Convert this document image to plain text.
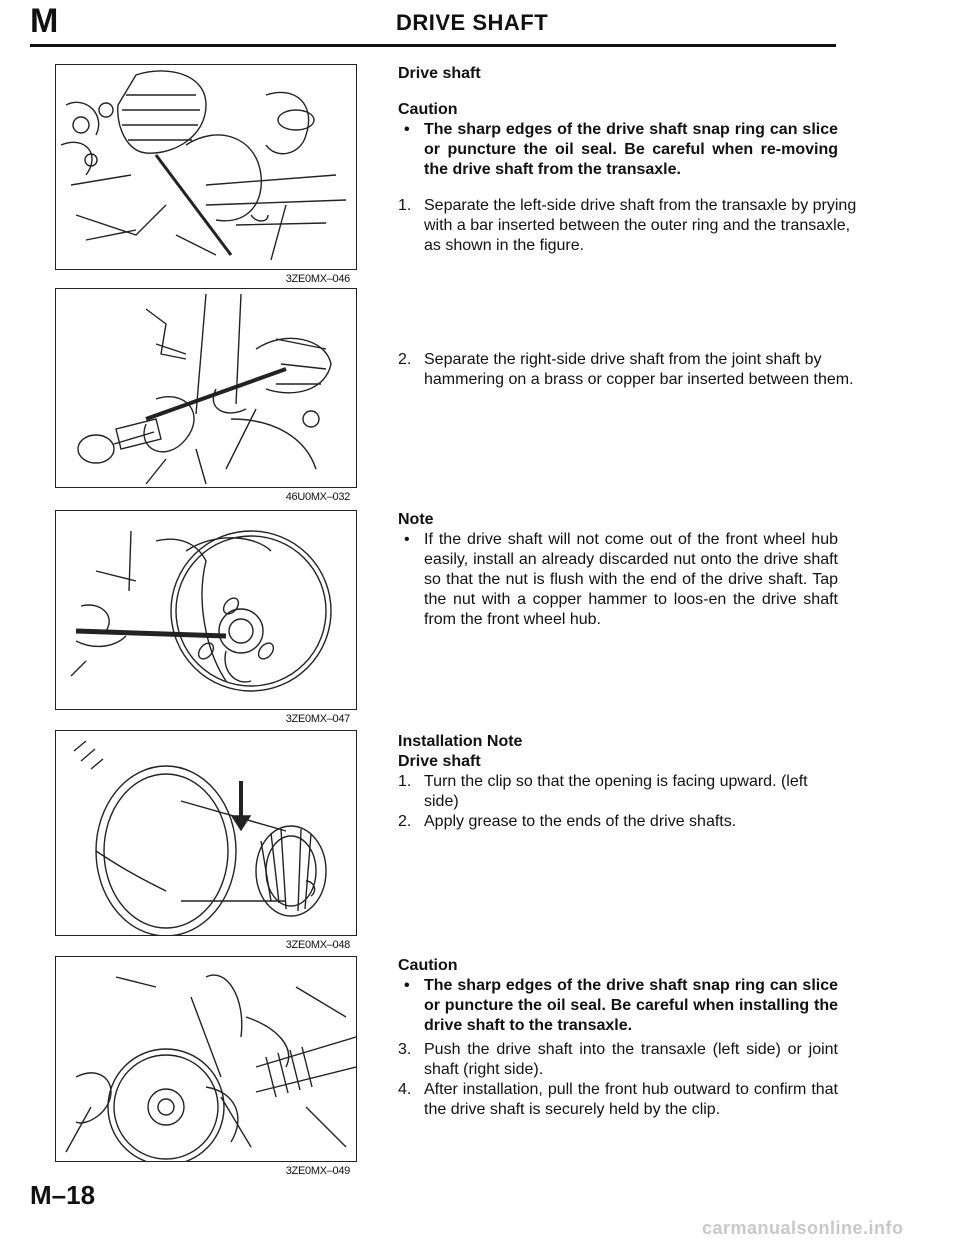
M	DRIVE SHAFT
3ZE0MX–046
46U0MX–032
3ZE0MX–047
3ZE0MX–048
3ZE0MX–049
Drive shaft
Caution
• The sharp edges of the drive shaft snap ring can slice or puncture the oil seal. Be careful when re-moving the drive shaft from the transaxle.
1. Separate the left-side drive shaft from the transaxle by prying with a bar inserted between the outer ring and the transaxle, as shown in the figure.
2. Separate the right-side drive shaft from the joint shaft by hammering on a brass or copper bar inserted between them.
Note
• If the drive shaft will not come out of the front wheel hub easily, install an already discarded nut onto the drive shaft so that the nut is flush with the end of the drive shaft. Tap the nut with a copper hammer to loos-en the drive shaft from the front wheel hub.
Installation Note
Drive shaft
1. Turn the clip so that the opening is facing upward. (left side)
2. Apply grease to the ends of the drive shafts.
Caution
• The sharp edges of the drive shaft snap ring can slice or puncture the oil seal. Be careful when installing the drive shaft to the transaxle.
3. Push the drive shaft into the transaxle (left side) or joint shaft (right side).
4. After installation, pull the front hub outward to confirm that the drive shaft is securely held by the clip.
M–18
carmanualsonline.info
